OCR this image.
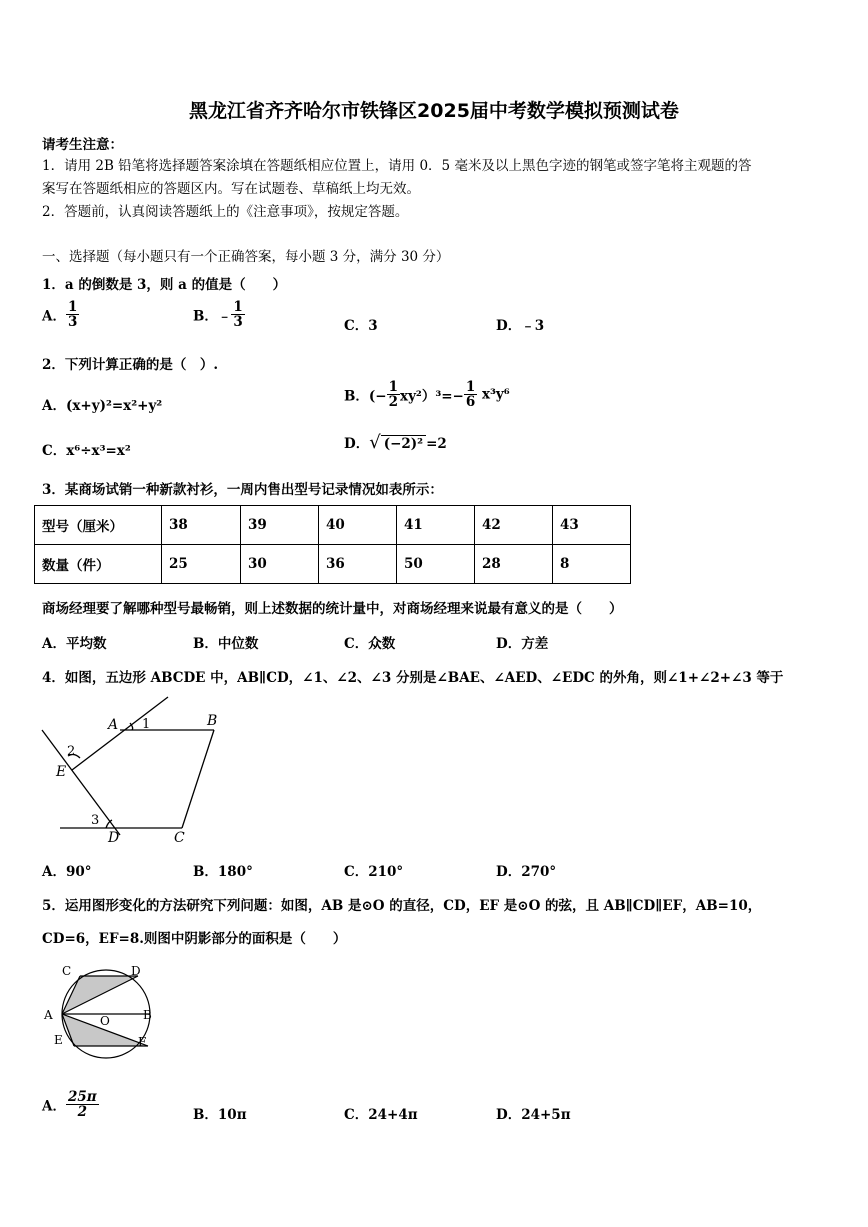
黑龙江省齐齐哈尔市铁锋区2025届中考数学模拟预测试卷
请考生注意：
1．请用 2B 铅笔将选择题答案涂填在答题纸相应位置上，请用 0．5 毫米及以上黑色字迹的钢笔或签字笔将主观题的答
案写在答题纸相应的答题区内。写在试题卷、草稿纸上均无效。
2．答题前，认真阅读答题纸上的《注意事项》，按规定答题。
一、选择题（每小题只有一个正确答案，每小题 3 分，满分 30 分）
1．a 的倒数是 3，则 a 的值是（　　）
A． $\frac{1}{3}$	B．﹣ $\frac{1}{3}$	C．3	D．﹣3
2．下列计算正确的是（　）.
A．(x+y)²=x²+y²
B．(− $\frac{1}{2} xy^2)^3=- \frac{1}{6} x^3y^6$
C．x⁶÷x³=x²	D．√ (−2)² =2
3．某商场试销一种新款衬衫，一周内售出型号记录情况如表所示：
型号（厘米）	38	39	40	41	42	43
数量（件）	25	30	36	50	28	8
商场经理要了解哪种型号最畅销，则上述数据的统计量中，对商场经理来说最有意义的是（　　）
A．平均数	B．中位数	C．众数	D．方差
4．如图，五边形 ABCDE 中，AB∥CD，∠1、∠2、∠3 分别是∠BAE、∠AED、∠EDC 的外角，则∠1+∠2+∠3 等于
A 1	B
2
E
3
D	C
A．90°	B．180°	C．210°	D．270°
5．运用图形变化的方法研究下列问题：如图，AB 是⊙O 的直径，CD，EF 是⊙O 的弦，且 AB∥CD∥EF，AB=10，
CD=6，EF=8.则图中阴影部分的面积是（　　）
C	D
A	O	B
E	F
A． $\frac{25\pi}{2}$	B．10π	C．24+4π	D．24+5π
